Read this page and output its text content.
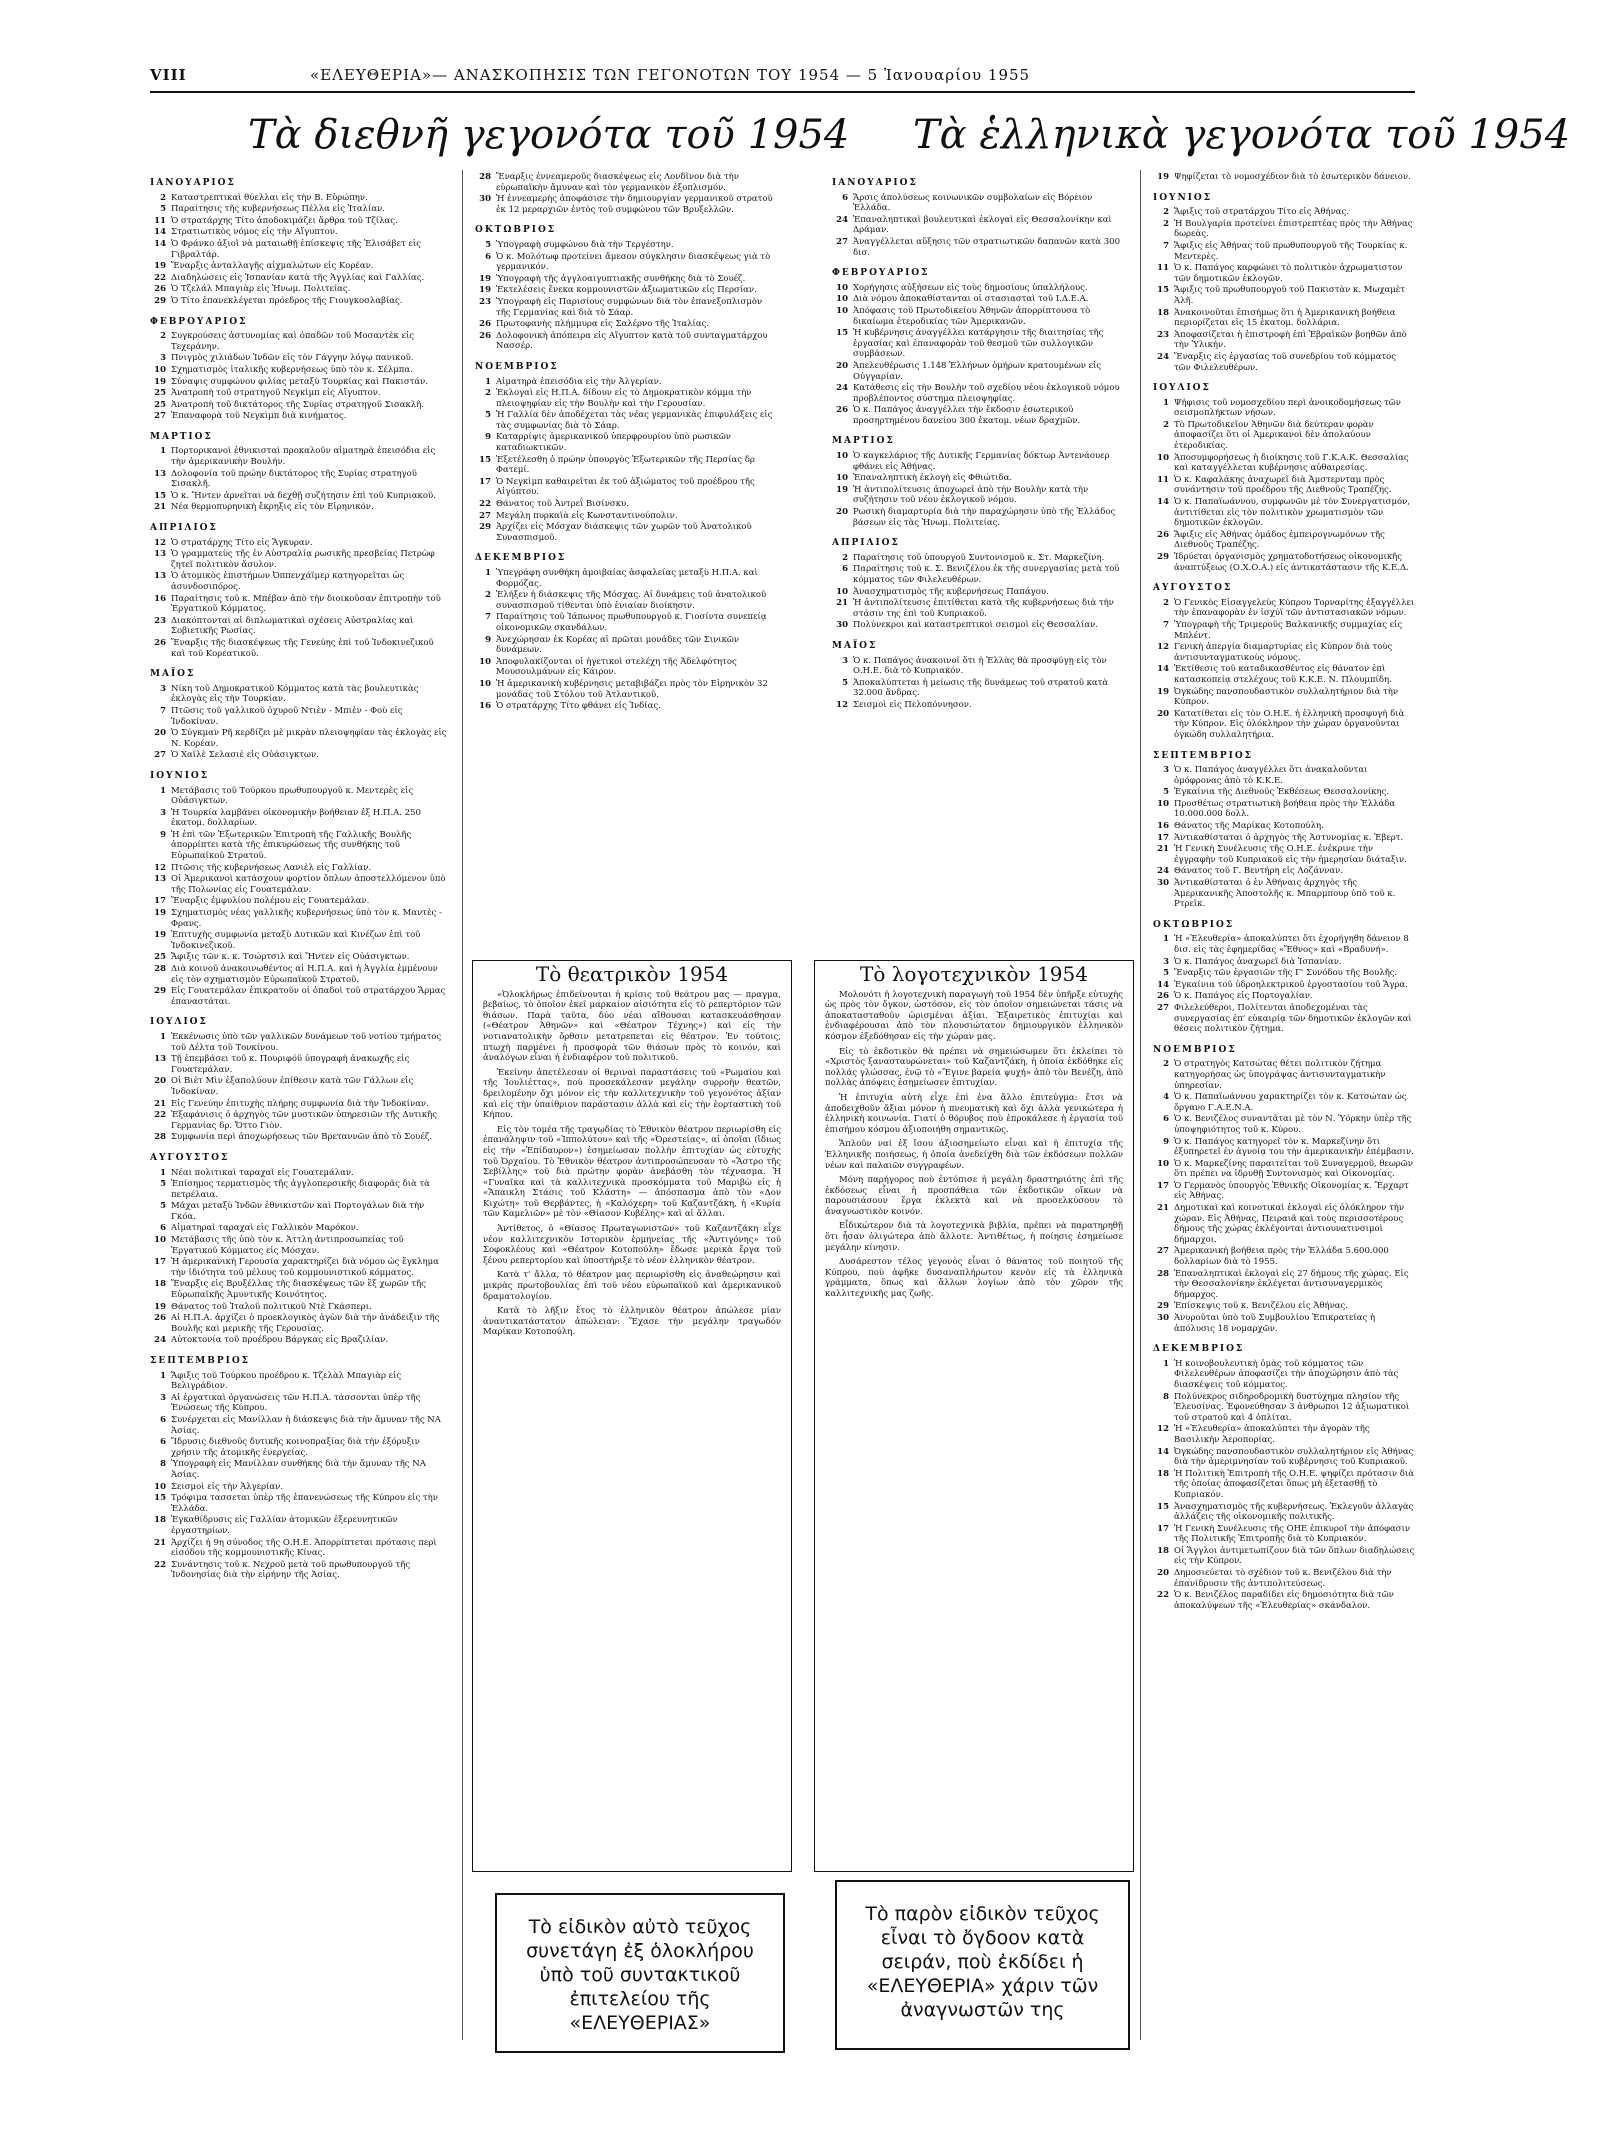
VIII	«ΕΛΕΥΘΕΡΙΑ»— ΑΝΑΣΚΟΠΗΣΙΣ ΤΩΝ ΓΕΓΟΝΟΤΩΝ ΤΟΥ 1954 — 5 Ἰανουαρίου 1955
Τὰ διεθνῆ γεγονότα τοῦ 1954 Τὰ ἑλληνικὰ γεγονότα τοῦ 1954
ΙΑΝΟΥΑΡΙΟΣ
2 Καταστρεπτικαὶ θύελλαι εἰς τὴν Β. Εὐρώπην.
5 Παραίτησις τῆς κυβερνήσεως Πέλλα εἰς Ἰταλίαν.
11 Ὁ στρατάρχης Τίτο ἀποδοκιμάζει ἄρθρα τοῦ Τζίλας.
14 Στρατιωτικὸς νόμος εἰς τὴν Αἴγυπτον.
14 Ὁ Φράνκο ἀξιοῖ νὰ ματαιωθῇ ἐπίσκεψις τῆς Ἐλισάβετ εἰς Γιβραλτάρ.
19 Ἔναρξις ἀνταλλαγῆς αἰχμαλώτων εἰς Κορέαν.
22 Διαδηλώσεις εἰς Ἱσπανίαν κατὰ τῆς Ἀγγλίας καὶ Γαλλίας.
26 Ὁ Τζελάλ Μπαγιὰρ εἰς Ἠνωμ. Πολιτείας.
29 Ὁ Τίτο ἐπανεκλέγεται πρόεδρος τῆς Γιουγκοσλαβίας.
ΦΕΒΡΟΥΑΡΙΟΣ
2 Συγκρούσεις ἀστυνομίας καὶ ὀπαδῶν τοῦ Μοσαντὲκ εἰς Τεχεράνην.
3 Πνιγμὸς χιλιάδων Ἰνδῶν εἰς τὸν Γάγγην λόγῳ πανικοῦ.
10 Σχηματισμὸς ἰταλικῆς κυβερνήσεως ὑπὸ τὸν κ. Σέλμπα.
19 Σύναψις συμφώνου φιλίας μεταξὺ Τουρκίας καὶ Πακιστάν.
25 Ἀνατροπὴ τοῦ στρατηγοῦ Νεγκὶμπ εἰς Αἴγυπτον.
25 Ἀνατροπὴ τοῦ δικτάτορος τῆς Συρίας στρατηγοῦ Σισακλῆ.
27 Ἐπαναφορὰ τοῦ Νεγκὶμπ διὰ κινήματος.
ΜΑΡΤΙΟΣ
1 Πορτορικανοὶ ἐθνικισταὶ προκαλοῦν αἱματηρὰ ἐπεισόδια εἰς τὴν ἀμερικανικὴν Βουλήν.
13 Δολοφονία τοῦ πρώην δικτάτορος τῆς Συρίας στρατηγοῦ Σισακλῆ.
15 Ὁ κ. Ἤντεν ἀρνεῖται νὰ δεχθῇ συζήτησιν ἐπὶ τοῦ Κυπριακοῦ.
21 Νέα θερμοπυρηνικὴ ἔκρηξις εἰς τὸν Εἰρηνικόν.
ΑΠΡΙΛΙΟΣ
12 Ὁ στρατάρχης Τίτο εἰς Ἄγκυραν.
13 Ὁ γραμματεὺς τῆς ἐν Αὐστραλίᾳ ρωσικῆς πρεσβείας Πετρὼφ ζητεῖ πολιτικὸν ἄσυλον.
13 Ὁ ἀτομικὸς ἐπιστήμων Ὀππενχάϊμερ κατηγορεῖται ὡς ἀσυνδοσιπόρος.
16 Παραίτησις τοῦ κ. Μπέβαν ἀπὸ τὴν διοικοῦσαν ἐπιτροπὴν τοῦ Ἐργατικοῦ Κόμματος.
23 Διακόπτονται αἱ διπλωματικαὶ σχέσεις Αὐστραλίας καὶ Σοβιετικῆς Ρωσίας.
26 Ἔναρξις τῆς διασκέψεως τῆς Γενεύης ἐπὶ τοῦ Ἰνδοκινεζικοῦ καὶ τοῦ Κορεατικοῦ.
ΜΑΪΟΣ
3 Νίκη τοῦ Δημοκρατικοῦ Κόμματος κατὰ τὰς βουλευτικὰς ἐκλογὰς εἰς τὴν Τουρκίαν.
7 Πτῶσις τοῦ γαλλικοῦ ὀχυροῦ Ντιὲν - Μπιὲν - Φοὺ εἰς Ἰνδοκίναν.
20 Ὁ Σύγκμαν Ρῆ κερδίζει μὲ μικρὰν πλειοψηφίαν τὰς ἐκλογὰς εἰς Ν. Κορέαν.
27 Ὁ Χαϊλὲ Σελασιὲ εἰς Οὐάσιγκτων.
ΙΟΥΝΙΟΣ
1 Μετάβασις τοῦ Τούρκου πρωθυπουργοῦ κ. Μεντερὲς εἰς Οὐάσιγκτων.
3 Ἡ Τουρκία λαμβάνει οἰκονομικὴν βοήθειαν ἐξ Η.Π.Α. 250 ἑκατομ. δολλαρίων.
9 Ἡ ἐπὶ τῶν Ἐξωτερικῶν Ἐπιτροπὴ τῆς Γαλλικῆς Βουλῆς ἀπορρίπτει κατὰ τῆς ἐπικυρώσεως τῆς συνθήκης τοῦ Εὐρωπαϊκοῦ Στρατοῦ.
12 Πτῶσις τῆς κυβερνήσεως Λανιὲλ εἰς Γαλλίαν.
13 Οἱ Ἀμερικανοὶ κατάσχουν φορτίον ὅπλων ἀποστελλόμενον ὑπὸ τῆς Πολωνίας εἰς Γουατεμάλαν.
17 Ἔναρξις ἐμφυλίου πολέμου εἰς Γουατεμάλαν.
19 Σχηματισμὸς νέας γαλλικῆς κυβερνήσεως ὑπὸ τὸν κ. Μαντὲς - Φρανς.
19 Ἐπιτυχὴς συμφωνία μεταξὺ Δυτικῶν καὶ Κινέζων ἐπὶ τοῦ Ἰνδοκινεζικοῦ.
25 Ἄφιξις τῶν κ. κ. Τσώρτσιλ καὶ Ἤντεν εἰς Οὐάσιγκτων.
28 Διὰ κοινοῦ ἀνακοινωθέντος αἱ Η.Π.Α. καὶ ἡ Ἀγγλία ἐμμένουν εἰς τὸν σχηματισμὸν Εὐρωπαϊκοῦ Στρατοῦ.
29 Εἰς Γουατεμάλαν ἐπικρατοῦν οἱ ὀπαδοὶ τοῦ στρατάρχου Ἄρμας ἐπαναστάται.
ΙΟΥΛΙΟΣ
1 Ἐκκένωσις ὑπὸ τῶν γαλλικῶν δυνάμεων τοῦ νοτίου τμήματος τοῦ Δέλτα τοῦ Τονκίνου.
13 Τῇ ἐπεμβάσει τοῦ κ. Πουριφόϋ ὑπογραφὴ ἀνακωχῆς εἰς Γουατεμάλαν.
20 Οἱ Βιὲτ Μὶν ἐξαπολύουν ἐπίθεσιν κατὰ τῶν Γάλλων εἰς Ἰνδοκίναν.
21 Εἰς Γενεύην ἐπιτυχὴς πλήρης συμφωνία διὰ τὴν Ἰνδοκίναν.
22 Ἐξαφάνισις ὁ ἀρχηγὸς τῶν μυστικῶν ὑπηρεσιῶν τῆς Δυτικῆς Γερμανίας δρ. Ὄττο Γιὸν.
28 Συμφωνία περὶ ἀποχωρήσεως τῶν Βρεταννῶν ἀπὸ τὸ Σουέζ.
ΑΥΓΟΥΣΤΟΣ
1 Νέαι πολιτικαὶ ταραχαὶ εἰς Γουατεμάλαν.
5 Ἐπίσημος τερματισμὸς τῆς ἀγγλοπερσικῆς διαφορᾶς διὰ τὰ πετρέλαια.
5 Μάχαι μεταξὺ Ἰνδῶν ἐθνικιστῶν καὶ Πορτογάλων διὰ τὴν Γκόα.
6 Αἱματηραὶ ταραχαὶ εἰς Γαλλικὸν Μαρόκον.
10 Μετάβασις τῆς ὑπὸ τὸν κ. Ἀττλη ἀντιπροσωπείας τοῦ Ἐργατικοῦ Κόμματος εἰς Μόσχαν.
17 Ἡ ἀμερικανικὴ Γερουσία χαρακτηρίζει διὰ νόμου ὡς ἔγκλημα τὴν ἰδιότητα τοῦ μέλους τοῦ κομμουνιστικοῦ κόμματος.
18 Ἔναρξις εἰς Βρυξέλλας τῆς διασκέψεως τῶν ἓξ χωρῶν τῆς Εὐρωπαϊκῆς Ἀμυντικῆς Κοινότητος.
19 Θάνατος τοῦ Ἰταλοῦ πολιτικοῦ Ντὲ Γκάσπερι.
26 Αἱ Η.Π.Α. ἀρχίζει ὁ προεκλογικὸς ἀγὼν διὰ τὴν ἀνάδειξιν τῆς Βουλῆς καὶ μερικῆς τῆς Γερουσίας.
24 Αὐτοκτονία τοῦ προέδρου Βάργκας εἰς Βραζιλίαν.
ΣΕΠΤΕΜΒΡΙΟΣ
1 Ἄφιξις τοῦ Τούρκου προέδρου κ. Τζελὰλ Μπαγιὰρ εἰς Βελιγράδιον.
3 Αἱ ἐργατικαὶ ὀργανώσεις τῶν Η.Π.Α. τάσσονται ὑπὲρ τῆς Ἑνώσεως τῆς Κύπρου.
6 Συνέρχεται εἰς Μανίλλαν ἡ διάσκεψις διὰ τὴν ἄμυναν τῆς ΝΑ Ἀσίας.
6 Ἵδρυσις διεθνοῦς δυτικῆς κοινοπραξίας διὰ τὴν ἐξόρυξιν χρήσιν τῆς ἀτομικῆς ἐνεργείας.
8 Ὑπογραφὴ εἰς Μανίλλαν συνθήκης διὰ τὴν ἄμυναν τῆς ΝΑ Ἀσίας.
10 Σεισμοὶ εἰς τὴν Ἀλγερίαν.
15 Τρόφιμα τασσεται ὑπὲρ τῆς ἐπανενώσεως τῆς Κύπρου εἰς τὴν Ἑλλάδα.
18 Ἐγκαθίδρυσις εἰς Γαλλίαν ἀτομικῶν ἐξερευνητικῶν ἐργαστηρίων.
21 Ἀρχίζει ἡ 9η σύνοδος τῆς Ο.Η.Ε. Ἀπορρίπτεται πρότασις περὶ εἰσόδου τῆς κομμουνιστικῆς Κίνας.
22 Συνάντησις τοῦ κ. Νεχροῦ μετὰ τοῦ πρωθυπουργοῦ τῆς Ἰνδονησίας διὰ τὴν εἰρήνην τῆς Ἀσίας.
28 Ἔναρξις ἐννεαμεροῦς διασκέψεως εἰς Λονδῖνον διὰ τὴν εὐρωπαϊκὴν ἄμυναν καὶ τὸν γερμανικὸν ἐξοπλισμόν.
30 Ἡ ἐννεαμερὴς ἀποφάσισε τὴν δημιουργίαν γερμανικοῦ στρατοῦ ἐκ 12 μεραρχιῶν ἐντὸς τοῦ συμφώνου τῶν Βρυξελλῶν.
ΟΚΤΩΒΡΙΟΣ
5 Ὑπογραφὴ συμφώνου διὰ τὴν Τεργέστην.
6 Ὁ κ. Μολότωφ προτείνει ἄμεσον σύγκλησιν διασκέψεως γιὰ τὸ γερμανικόν.
19 Ὑπογραφὴ τῆς ἀγγλοαιγυπτιακῆς συνθήκης διὰ τὸ Σουέζ.
19 Ἐκτελέσεις ἕνεκα κομμουνιστῶν ἀξιωματικῶν εἰς Περσίαν.
23 Ὑπογραφὴ εἰς Παρισίους συμφώνων διὰ τὸν ἐπανεξοπλισμὸν τῆς Γερμανίας καὶ διὰ τὸ Σάαρ.
26 Πρωτοφανὴς πλήμμυρα εἰς Σαλέρνο τῆς Ἰταλίας.
26 Δολοφονικὴ ἀπόπειρα εἰς Αἴγυπτον κατὰ τοῦ συνταγματάρχου Νασσέρ.
ΝΟΕΜΒΡΙΟΣ
1 Αἱματηρὰ ἐπεισόδια εἰς τὴν Ἀλγερίαν.
2 Ἐκλογαὶ εἰς Η.Π.Α. δίδουν εἰς τὸ Δημοκρατικὸν κόμμα τὴν πλειοψηφίαν εἰς τὴν Βουλὴν καὶ τὴν Γερουσίαν.
5 Ἡ Γαλλία δὲν ἀποδέχεται τὰς νέας γερμανικὰς ἐπιφυλάξεις εἰς τὰς συμφωνίας διὰ τὸ Σάαρ.
9 Καταρρίψις ἀμερικανικοῦ ὑπερφρουρίου ὑπὸ ρωσικῶν καταδιωκτικῶν.
15 Ἐξετέλεσθη ὁ πρώην ὑπουργὸς Ἐξωτερικῶν τῆς Περσίας δρ Φατεμί.
17 Ὁ Νεγκὶμπ καθαιρεῖται ἐκ τοῦ ἀξιώματος τοῦ προέδρου τῆς Αἰγύπτου.
22 Θάνατος τοῦ Ἀντρεΐ Βισίνσκυ.
27 Μεγάλη πυρκαϊὰ εἰς Κωνσταντινούπολιν.
29 Ἀρχίζει εἰς Μόσχαν διάσκεψις τῶν χωρῶν τοῦ Ἀνατολικοῦ Συνασπισμοῦ.
ΔΕΚΕΜΒΡΙΟΣ
1 Ὑπεγράφη συνθήκη ἀμοιβαίας ἀσφαλείας μεταξὺ Η.Π.Α. καὶ Φορμόζας.
2 Ἐλήξεν ἡ διάσκεψις τῆς Μόσχας. Αἱ δυνάμεις τοῦ ἀνατολικοῦ συνασπισμοῦ τίθενται ὑπὸ ἑνιαίαν διοίκησιν.
7 Παραίτησις τοῦ Ἰάπωνος πρωθυπουργοῦ κ. Γιοσίντα συνεπείᾳ οἰκονομικῶν σκανδάλων.
9 Ἀνεχώρησαν ἐκ Κορέας αἱ πρῶται μονάδες τῶν Σινικῶν δυνάμεων.
10 Ἀποφυλακίζονται οἱ ἡγετικοὶ στελέχη τῆς Ἀδελφότητος Μουσουλμάνων εἰς Κάιρον.
10 Ἡ ἀμερικανικὴ κυβέρνησις μεταβιβάζει πρὸς τὸν Εἰρηνικὸν 32 μονάδας τοῦ Στόλου τοῦ Ἀτλαντικοῦ.
16 Ὁ στρατάρχης Τίτο φθάνει εἰς Ἰνδίας.
ΙΑΝΟΥΑΡΙΟΣ
6 Ἄρσις ἀπολύσεως κοινωνικῶν συμβολαίων εἰς Βόρειον Ἑλλάδα.
24 Ἐπαναληπτικαὶ βουλευτικαὶ ἐκλογαὶ εἰς Θεσσαλονίκην καὶ Δράμαν.
27 Ἀναγγέλλεται αὔξησις τῶν στρατιωτικῶν δαπανῶν κατὰ 300 δισ.
ΦΕΒΡΟΥΑΡΙΟΣ
10 Χορήγησις αὐξήσεων εἰς τοὺς δημοσίους ὑπαλλήλους.
10 Διὰ νόμου ἀποκαθίστανται οἱ στασιασταὶ τοῦ Ι.Δ.Ε.Α.
10 Ἀπόφασις τοῦ Πρωτοδικείου Ἀθηνῶν ἀπορρίπτουσα τὸ δικαίωμα ἐτεροδικίας τῶν Ἀμερικανῶν.
15 Ἡ κυβέρνησις ἀναγγέλλει κατάργησιν τῆς διαιτησίας τῆς ἐργασίας καὶ ἐπαναφορὰν τοῦ θεσμοῦ τῶν συλλογικῶν συμβάσεων.
20 Ἀπελευθέρωσις 1.148 Ἑλλήνων ὁμήρων κρατουμένων εἰς Οὐγγαρίαν.
24 Κατάθεσις εἰς τὴν Βουλὴν τοῦ σχεδίου νέου ἐκλογικοῦ νόμου προβλέποντος σύστημα πλειοψηφίας.
26 Ὁ κ. Παπάγος ἀναγγέλλει τὴν ἔκδοσιν ἐσωτερικοῦ προσηρτημένου δανείου 300 ἑκατομ. νέων δραχμῶν.
ΜΑΡΤΙΟΣ
10 Ὁ καγκελάριος τῆς Δυτικῆς Γερμανίας δόκτωρ Ἀντενάουερ φθάνει εἰς Ἀθήνας.
10 Ἐπαναληπτικὴ ἐκλογὴ εἰς Φθιώτιδα.
19 Ἡ ἀντιπολίτευσις ἀποχωρεῖ ἀπὸ τὴν Βουλὴν κατὰ τὴν συζήτησιν τοῦ νέου ἐκλογικοῦ νόμου.
20 Ρωσικὴ διαμαρτυρία διὰ τὴν παραχώρησιν ὑπὸ τῆς Ἑλλάδος βάσεων εἰς τὰς Ἡνωμ. Πολιτείας.
ΑΠΡΙΛΙΟΣ
2 Παραίτησις τοῦ ὑπουργοῦ Συντονισμοῦ κ. Στ. Μαρκεζίνη.
6 Παραίτησις τοῦ κ. Σ. Βενιζέλου ἐκ τῆς συνεργασίας μετὰ τοῦ κόμματος τῶν Φιλελευθέρων.
10 Ἀνασχηματισμὸς τῆς κυβερνήσεως Παπάγου.
21 Ἡ ἀντιπολίτευσις ἐπιτίθεται κατὰ τῆς κυβερνήσεως διὰ τὴν στάσιν της ἐπὶ τοῦ Κυπριακοῦ.
30 Πολύνεκροι καὶ καταστρεπτικοὶ σεισμοὶ εἰς Θεσσαλίαν.
ΜΑΪΟΣ
3 Ὁ κ. Παπάγος ἀνακοινοῖ ὅτι ἡ Ἑλλὰς θὰ προσφύγῃ εἰς τὸν Ο.Η.Ε. διὰ τὸ Κυπριακόν.
5 Ἀποκαλύπτεται ἡ μείωσις τῆς δυνάμεως τοῦ στρατοῦ κατὰ 32.000 ἄνδρας.
12 Σεισμοὶ εἰς Πελοπόννησον.
19 Ψηφίζεται τὸ νομοσχέδιον διὰ τὸ ἐσωτερικὸν δάνειον.
ΙΟΥΝΙΟΣ
2 Ἄφιξις τοῦ στρατάρχου Τίτο εἰς Ἀθήνας.
2 Ἡ Βουλγαρία προτείνει ἐπιστρεπτέας πρὸς τὴν Ἀθήνας δωρεὰς.
7 Ἄφιξις εἰς Ἀθήνας τοῦ πρωθυπουργοῦ τῆς Τουρκίας κ. Μεντερὲς.
11 Ὁ κ. Παπάγος καρφώνει τὸ πολιτικὸν ἀχρωματιστον τῶν δημοτικῶν ἐκλογῶν.
15 Ἄφιξις τοῦ πρωθυπουργοῦ τοῦ Πακιστὰν κ. Μωχαμὲτ Ἀλῆ.
18 Ἀνακοινοῦται ἐπισήμως ὅτι ἡ Ἀμερικανικὴ βοήθεια περιορίζεται εἰς 15 ἑκατομ. δολλάρια.
23 Ἀποφασίζεται ἡ ἐπιστροφὴ ἐπὶ Ἑβραϊκῶν βοηθῶν ἀπὸ τὴν Ὑλικήν.
24 Ἔναρξις εἰς ἐργασίας τοῦ συνεδρίου τοῦ κόμματος τῶν Φιλελευθέρων.
ΙΟΥΛΙΟΣ
1 Ψήφισις τοῦ νομοσχεδίου περὶ ἀνοικοδομήσεως τῶν σεισμοπλήκτων νήσων.
2 Τὸ Πρωτοδικεῖον Ἀθηνῶν διὰ δεύτεραν φορὰν ἀποφασίζει ὅτι οἱ Ἀμερικανοὶ δὲν ἀπολαύουν ἐτεροδικίας.
10 Ἀποσυμφορήσεως ἡ διοίκησις τοῦ Γ.Κ.Α.Κ. Θεσσαλίας καὶ καταγγέλλεται κυβέρνησις αὐθαιρεσίας.
11 Ὁ κ. Καφαλάκης ἀναχωρεῖ διὰ Ἀμστερνταμ πρὸς συνάντησιν τοῦ προέδρου τῆς Διεθνοῦς Τραπέζης.
14 Ὁ κ. Παπαϊωάννου, συμφωνῶν μὲ τὸν Συνεργατισμόν, ἀντιτίθεται εἰς τὸν πολιτικὸν χρωματισμὸν τῶν δημοτικῶν ἐκλογῶν.
26 Ἄφιξις εἰς Ἀθήνας ὁμάδος ἐμπειρογνωμόνων τῆς Διεθνοῦς Τραπέζης.
29 Ἱδρύεται ὀργανισμὸς χρηματοδοτήσεως οἰκονομικῆς ἀναπτύξεως (Ο.Χ.Ο.Α.) εἰς ἀντικατάστασιν τῆς Κ.Ε.Δ.
ΑΥΓΟΥΣΤΟΣ
2 Ὁ Γενικὸς Εἰσαγγελεὺς Κύπρου Τορναρίτης ἐξαγγέλλει τὴν ἐπαναφορὰν ἐν ἰσχύϊ τῶν ἀντιστασιακῶν νόμων.
7 Ὑπογραφὴ τῆς Τριμεροῦς Βαλκανικῆς συμμαχίας εἰς Μπλέντ.
12 Γενικὴ ἀπεργία διαμαρτυρίας εἰς Κύπρον διὰ τοὺς ἀντισυνταγματικοὺς νόμους.
14 Ἐκτίθεσις τοῦ καταδικασθέντος εἰς θάνατον ἐπὶ κατασκοπείᾳ στελέχους τοῦ Κ.Κ.Ε. Ν. Πλουμπίδη.
19 Ὀγκώδης πανσπουδαστικὸν συλλαλητήριον διὰ τὴν Κύπρον.
20 Κατατίθεται εἰς τὸν Ο.Η.Ε. ἡ ἑλληνικὴ προσφυγὴ διὰ τὴν Κύπρον. Εἰς ὁλόκληρον τὴν χώραν ὀργανοῦνται ὀγκώδη συλλαλητήρια.
ΣΕΠΤΕΜΒΡΙΟΣ
3 Ὁ κ. Παπάγος ἀναγγέλλει ὅτι ἀνακαλοῦνται ὁμόφρονας ἀπὸ τὸ Κ.Κ.Ε.
5 Ἐγκαίνια τῆς Διεθνοῦς Ἐκθέσεως Θεσσαλονίκης.
10 Προσθέτως στρατιωτικὴ βοήθεια πρὸς τὴν Ἑλλάδα 10.000.000 δολλ.
16 Θάνατος τῆς Μαρίκας Κοτοπούλη.
17 Ἀντικαθίσταται ὁ ἀρχηγὸς τῆς Ἀστυνομίας κ. Ἐβερτ.
21 Ἡ Γενικὴ Συνέλευσις τῆς Ο.Η.Ε. ἐνέκρινε τὴν ἐγγραφὴν τοῦ Κυπριακοῦ εἰς τὴν ἡμερησίαν διάταξιν.
24 Θάνατος τοῦ Γ. Βεντήρη εἰς Λοζάνναν.
30 Ἀντικαθίσταται ὁ ἐν Ἀθήναις ἀρχηγὸς τῆς Ἀμερικανικῆς Ἀποστολῆς κ. Μπαρμπουρ ὑπὸ τοῦ κ. Ρτρεϊκ.
ΟΚΤΩΒΡΙΟΣ
1 Ἡ «Ἐλευθερία» ἀποκαλύπτει ὅτι ἐχορήγηθη δάνειον 8 δισ. εἰς τὰς ἐφημερίδας «Ἔθνος» καὶ «Βραδυνή».
3 Ὁ κ. Παπάγος ἀναχωρεῖ διὰ Ἰσπανίαν.
5 Ἔναρξις τῶν ἐργασιῶν τῆς Γ' Συνόδου τῆς Βουλῆς.
14 Ἐγκαίνια τοῦ ὑδροηλεκτρικοῦ ἐργοστασίου τοῦ Ἄγρα.
26 Ὁ κ. Παπάγος εἰς Πορτογαλίαν.
27 Φιλελεύθεροι, Πολίτευται ἀποδεχομέναι τὰς συνεργασίας ἐπ' εὐκαιρίᾳ τῶν δημοτικῶν ἐκλογῶν καὶ θέσεις πολιτικὸν ζήτημα.
ΝΟΕΜΒΡΙΟΣ
2 Ὁ στρατηγὸς Κατσώτας θέτει πολιτικὸν ζήτημα κατηγορήσας ὡς ὑπογράψας ἀντισυνταγματικὴν ὑπηρεσίαν.
4 Ὁ κ. Παπαϊωάννου χαρακτηρίζει τὸν κ. Κατσώταν ὡς ὄργανο Γ.Α.Ε.Ν.Α.
6 Ὁ κ. Βενιζέλος συναντᾶται μὲ τὸν Ν. Ὑόρκην ὑπὲρ τῆς ὑποψηφιότητος τοῦ κ. Κύρου.
9 Ὁ κ. Παπάγος κατηγορεῖ τὸν κ. Μαρκεζίνην ὅτι ἐξυπηρετεῖ ἐν ἀγνοίᾳ του τὴν ἀμερικανικὴν ἐπέμβασιν.
10 Ὁ κ. Μαρκεζίνης παραιτεῖται τοῦ Συναγερμοῦ, θεωρῶν ὅτι πρέπει να ἱδρυθῇ Συντονισμὸς καὶ Οἰκονομίας.
17 Ὁ Γερμανὸς ὑπουργὸς Ἐθνικῆς Οἰκονομίας κ. Ἔρχαρτ εἰς Ἀθήνας.
21 Δημοτικαὶ καὶ κοινοτικαὶ ἐκλογαὶ εἰς ὁλόκληρον τὴν χώραν. Εἰς Ἀθήνας, Πειραιᾶ καὶ τοὺς περισσοτέρους δήμους τῆς χώρας ἐκλέγονται ἀντιουνατινσιμοὶ δήμαρχοι.
27 Ἀμερικανικὴ βοήθεια πρὸς τὴν Ἑλλάδα 5.600.000 δολλαρίων διὰ τὸ 1955.
28 Ἐπαναληπτικαὶ ἐκλογαὶ εἰς 27 δήμους τῆς χώρας. Εἰς τὴν Θεσσαλονίκην ἐκλέγεται ἀντισυναγερμικὸς δήμαρχος.
29 Ἐπίσκεψις τοῦ κ. Βενιζέλου εἰς Ἀθήνας.
30 Ἀνυροῦται ὑπὸ τοῦ Συμβουλίου Ἐπικρατείας ἡ ἀπόλυσις 18 νομαρχῶν.
ΔΕΚΕΜΒΡΙΟΣ
1 Ἡ κοινοβουλευτικὴ ὁμὰς τοῦ κόμματος τῶν Φιλελευθέρων ἀποφασίζει τὴν ἀποχώρησιν ἀπὸ τὰς διασκέψεις τοῦ κόμματος.
8 Πολύνεκρος σιδηροδρομικὴ δυστύχημα πλησίον τῆς Ἐλευσίνας. Ἐφονεύθησαν 3 ἀνθρωποι 12 ἀξιωματικοὶ τοῦ στρατοῦ καὶ 4 ὁπλίται.
12 Ἡ «Ἐλευθερία» ἀποκαλύπτει τὴν ἀγορὰν τῆς Βασιλικὴν Ἀεροπορίας.
14 Ὀγκώδης πανσπουδαστικὸν συλλαλητήριον εἰς Ἀθήνας διὰ τὴν ἀμεριμνησίαν τοῦ κυβέρνησις τοῦ Κυπριακοῦ.
18 Ἡ Πολιτικὴ Ἐπιτροπὴ τῆς Ο.Η.Ε. ψηφίζει πρότασιν διὰ τῆς ὁποίας ἀποφασίζεται ὅπως μὴ ἐξετασθῇ τὸ Κυπριακόν.
15 Ἀνασχηματισμὸς τῆς κυβερνήσεως. Ἐκλεγοῦν ἀλλαγὰς ἀλλάζεις τῆς οἰκονομικῆς πολιτικῆς.
17 Ἡ Γενικὴ Συνέλευσις τῆς ΟΗΕ ἐπικυροῖ τὴν ἀπόφασιν τῆς Πολιτικῆς Ἐπιτροπῆς διὰ τὸ Κυπριακόν.
18 Οἱ Ἄγγλοι ἀντιμετωπίζουν διὰ τῶν ὅπλων διαδηλώσεις εἰς τὴν Κύπρον.
20 Δημοσιεύεται τὸ σχέδιον τοῦ κ. Βενιζέλου διὰ τὴν ἐπανίδρυσιν τῆς ἀντιπολιτεύσεως.
22 Ὁ κ. Βενιζέλος παραδίδει εἰς δημοσιότητα διὰ τῶν ἀποκαλύψεων τῆς «Ἐλευθερίας» σκάνδαλον.
Τὸ θεατρικὸν 1954

«Ὀλοκλήρως ἐπιδείνουται ἡ κρίσις τοῦ θεάτρου μας — πραγμα, βεβαίως, τὸ ὁποῖον ἐκεῖ μαρκαίον αἰσιότητα εἰς τὸ ρεπερτόριον τῶν θιάσων. Παρὰ ταῦτα, δύο νέαι αἴθουσαι κατασκευάσθησαν («Θέατρον Ἀθηνῶν» καὶ «Θέατρον Τέχνης») καὶ εἰς τὴν νοτιανατολικὴν ὄρθσιν μετατρεπεται εἰς θέατρον. Ἐν τούτοις, πτωχὴ παρμένει ἡ προσφορὰ τῶν θιάσων πρὸς τὸ κοινόν, καὶ ἀναλόγων εἶναι ἡ ἐνδιαφέρον τοῦ πολιτικοῦ.

Ἐκείνην ἀπετέλεσαν οἱ θεριναὶ παραστάσεις τοῦ «Ρωμαίου καὶ τῆς Ἰουλιέττας», ποὺ προσεκάλεσαν μεγάλην συρροὴν θεατῶν, δρειλομένην ὄχι μόνον εἰς τὴν καλλιτεχνικὴν τοῦ γεγονότος ἀξίαν καὶ εἰς τὴν ὑπαίθριον παράστασιν ἀλλὰ καὶ εἰς τὴν ἑορταστικὴ τοῦ Κήπου.

Εἰς τὸν τομέα τῆς τραγῳδίας τὸ Ἐθνικὸν θέατρον περιωρίσθη εἰς ἐπανάληψιν τοῦ «Ἱππολύτου» καὶ τῆς «Ὀρεστείας», αἱ ὁποῖαι (ἴδιως εἰς τὴν «Ἐπίδαυρον») ἐσημείωσαν πολλὴν ἐπιτυχίαν ὡς εὐτυχὴς τοῦ Ὀρχαίου. Τὸ Ἐθνικὸν θέατρον ἀντιπροσώπευσαν τὸ «Ἄστρο τῆς Σεβίλλης» τοῦ διὰ πρώτην φορὰν ἀνεβάσθη τὸν τέχνασμα. Ἡ «Γυναῖκα καὶ τὰ καλλιτεχνικὰ προσκόμματα τοῦ Μαριβὼ εἰς ἡ «Ἄπαικλη Στάσις τοῦ Κλάστη» — ἀπόσπασμα ἀπὸ τὸν «Δον Κιχώτη» τοῦ Θερβάντες, ἡ «Καλόχερη» τοῦ Καζαντζάκη, ἡ «Κυρία τῶν Καμελιῶν» μὲ τὸν «Θίασον Κυβέλης» καὶ αἱ ἄλλαι.

Ἀντίθετος, ὁ «Θίασος Πρωταγωνιστῶν» τοῦ Καζαντζάκη εἶχε νέον καλλιτεχνικὸν Ιστορικὸν ἐρμηνείας τῆς «Ἀντιγόνης» τοῦ Σοφοκλέους καὶ «Θέατρον Κοτοπούλη» ἔδωσε μερικὰ ἔργα τοῦ ξένου ρεπερτορίου καὶ ὑποστήριξε τὸ νέον ἑλληνικὸν θέατρον.

Κατὰ τ' ἄλλα, τὸ θέατρον μας περιωρίσθη εἰς ἀναθεώρησιν καὶ μικρὰς πρωτοβουλίας ἐπὶ τοῦ νέου εὐρωπαϊκοῦ καὶ ἀμερικανικοῦ δραματολογίου.

Κατὰ τὸ λῆξιν ἔτος τὸ ἑλληνικὸν θέατρον ἀπώλεσε μίαν ἀναντικατάστατον ἀπώλειαν: Ἔχασε τὴν μεγάλην τραγωδόν Μαρίκαν Κοτοπούλη.

Τὸ λογοτεχνικὸν 1954

Μολονότι ἡ λογοτεχνικὴ παραγωγὴ τοῦ 1954 δὲν ὑπῆρξε εὐτυχὴς ὡς πρὸς τὸν ὄγκον, ὡστόσον, εἰς τὸν ὁποῖον σημειώνεται τάσις νὰ ἀποκατασταθοῦν ὡρισμέναι ἀξίαι. Ἐξαιρετικὸς ἐπιτυχίαι καὶ ἐνδιαφέρουσαι ἀπὸ τὸν πλουσιώτατον δημιουργικὸν ἑλληνικὸν κόσμον ἐξεδόθησαν εἰς τὴν χώραν μας.

Εἰς τὸ ἐκδοτικὸν θὰ πρέπει νὰ σημειώσωμεν ὅτι ἐκλείπει τὸ «Χριστὸς ξανασταυρώνεται» τοῦ Καζαντζάκη, ἡ ὁποία ἐκδόθηκε εἰς πολλάς γλώσσας, ἐνῷ τὸ «Ἔγινε βαρεία ψυχή» ἀπὸ τὸν Βενέζη, ἀπὸ πολλὰς ἀπόψεις ἐσημείωσεν ἐπιτυχίαν.

Ἡ ἐπιτυχία αὐτὴ εἶχε ἐπὶ ἑνα ἄλλο ἐπιτεύγμα: ἔτσι νὰ ἀποδειχθοῦν ἄξιαι μόνον ἡ πνευματικὴ καὶ ὄχι ἀλλὰ γενικώτερα ἡ ἑλληνικὴ κοινωνία. Γιατί ὁ θόρυβος ποὺ ἐπροκάλεσε ἡ ἐργασία τοῦ ἐπισήμου κόσμου ἀξιοποιήθη σημαντικῶς.

Ἄπλοῦν ναί ἐξ ἴσου ἀξιοσημείωτο εἶναι καὶ ἡ ἐπιτυχία τῆς Ἑλληνικῆς ποιήσεως, ἡ ὁποία ἀνεδείχθη διὰ τῶν ἐκδόσεων πολλῶν νέων καὶ παλαιῶν συγγραφέων.

Μόνη παρήγορος ποὺ ἐντόπισε ἡ μεγάλη δραστηριότης ἐπὶ τῆς ἐκδόσεως εἶναι ἡ προσπάθεια τῶν ἐκδοτικῶν οἴκων νὰ παρουσιάσουν ἔργα ἐκλεκτὰ καὶ νὰ προσελκύσουν τὸ ἀναγνωστικὸν κοινόν.

Εἶδικώτερον διὰ τὰ λογοτεχνικὰ βιβλία, πρέπει νὰ παρατηρηθῇ ὅτι ἦσαν ὀλιγώτερα ἀπὸ ἄλλοτε. Ἀντιθέτως, ἡ ποίησις ἐσημείωσε μεγάλην κίνησιν.

Δυσάρεστον τέλος γεγονὸς εἶναι ὁ θάνατος τοῦ ποιητοῦ τῆς Κύπρου, ποὺ ἀφῆκε δυσαναπλήρωτον κενὸν εἰς τὰ ἑλληνικὰ γράμματα, ὅπως καὶ ἄλλων λογίων ἀπὸ τὸν χῶρον τῆς καλλιτεχνικῆς μας ζωῆς.

Τὸ εἰδικὸν αὐτὸ τεῦχος συνετάγη ἐξ ὁλοκλήρου ὑπὸ τοῦ συντακτικοῦ ἐπιτελείου τῆς «ΕΛΕΥΘΕΡΙΑΣ»
Τὸ παρὸν εἰδικὸν τεῦχος εἶναι τὸ ὄγδοον κατὰ σειράν, ποὺ ἐκδίδει ἡ «ΕΛΕΥΘΕΡΙΑ» χάριν τῶν ἀναγνωστῶν της
